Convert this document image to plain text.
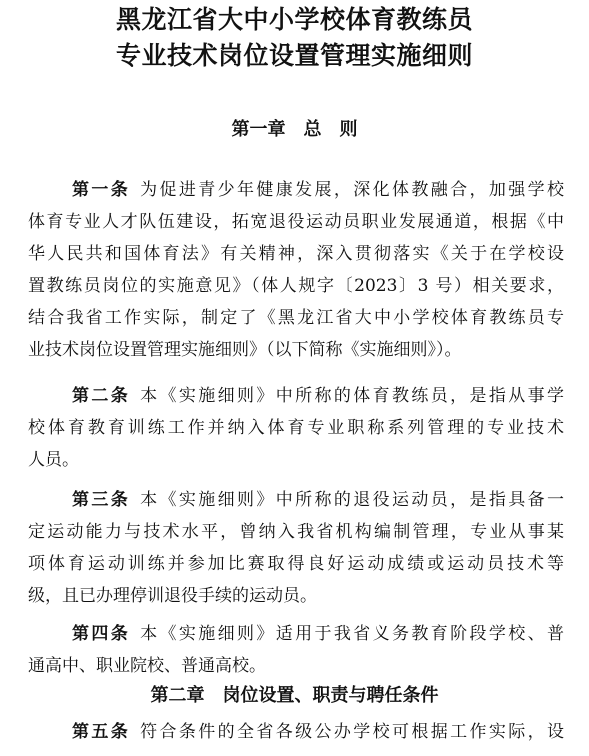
黑龙江省大中小学校体育教练员
专业技术岗位设置管理实施细则
第一章　总　则

第一条 为促进青少年健康发展，深化体教融合，加强学校
体育专业人才队伍建设，拓宽退役运动员职业发展通道，根据《中
华人民共和国体育法》有关精神，深入贯彻落实《关于在学校设
置教练员岗位的实施意见》（体人规字〔2023〕3 号）相关要求，
结合我省工作实际，制定了《黑龙江省大中小学校体育教练员专
业技术岗位设置管理实施细则》（以下简称《实施细则》）。

第二条 本《实施细则》中所称的体育教练员，是指从事学
校体育教育训练工作并纳入体育专业职称系列管理的专业技术
人员。

第三条 本《实施细则》中所称的退役运动员，是指具备一
定运动能力与技术水平，曾纳入我省机构编制管理，专业从事某
项体育运动训练并参加比赛取得良好运动成绩或运动员技术等
级，且已办理停训退役手续的运动员。

第四条 本《实施细则》适用于我省义务教育阶段学校、普
通高中、职业院校、普通高校。

第二章　岗位设置、职责与聘任条件

第五条 符合条件的全省各级公办学校可根据工作实际，设
